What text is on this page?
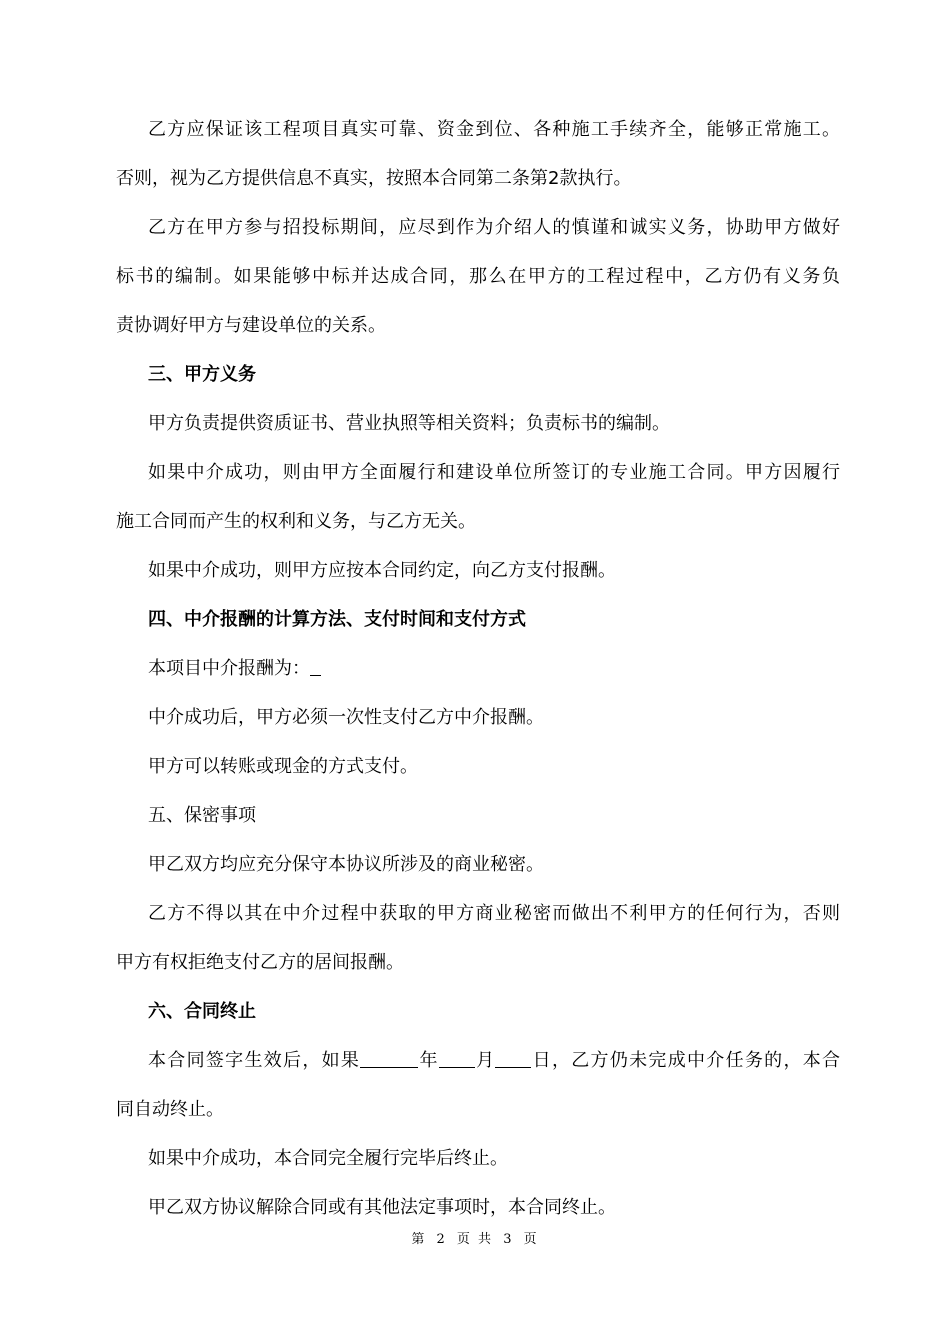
乙方应保证该工程项目真实可靠、资金到位、各种施工手续齐全，能够正常施工。
否则，视为乙方提供信息不真实，按照本合同第二条第2款执行。
乙方在甲方参与招投标期间，应尽到作为介绍人的慎谨和诚实义务，协助甲方做好
标书的编制。如果能够中标并达成合同，那么在甲方的工程过程中，乙方仍有义务负
责协调好甲方与建设单位的关系。
三、甲方义务
甲方负责提供资质证书、营业执照等相关资料；负责标书的编制。
如果中介成功，则由甲方全面履行和建设单位所签订的专业施工合同。甲方因履行
施工合同而产生的权利和义务，与乙方无关。
如果中介成功，则甲方应按本合同约定，向乙方支付报酬。
四、中介报酬的计算方法、支付时间和支付方式
本项目中介报酬为：
中介成功后，甲方必须一次性支付乙方中介报酬。
甲方可以转账或现金的方式支付。
五、保密事项
甲乙双方均应充分保守本协议所涉及的商业秘密。
乙方不得以其在中介过程中获取的甲方商业秘密而做出不利甲方的任何行为，否则
甲方有权拒绝支付乙方的居间报酬。
六、合同终止
本合同签字生效后，如果	年 月 日，乙方仍未完成中介任务的，本合
同自动终止。
如果中介成功，本合同完全履行完毕后终止。
甲乙双方协议解除合同或有其他法定事项时，本合同终止。
第 2 页 共 3 页
